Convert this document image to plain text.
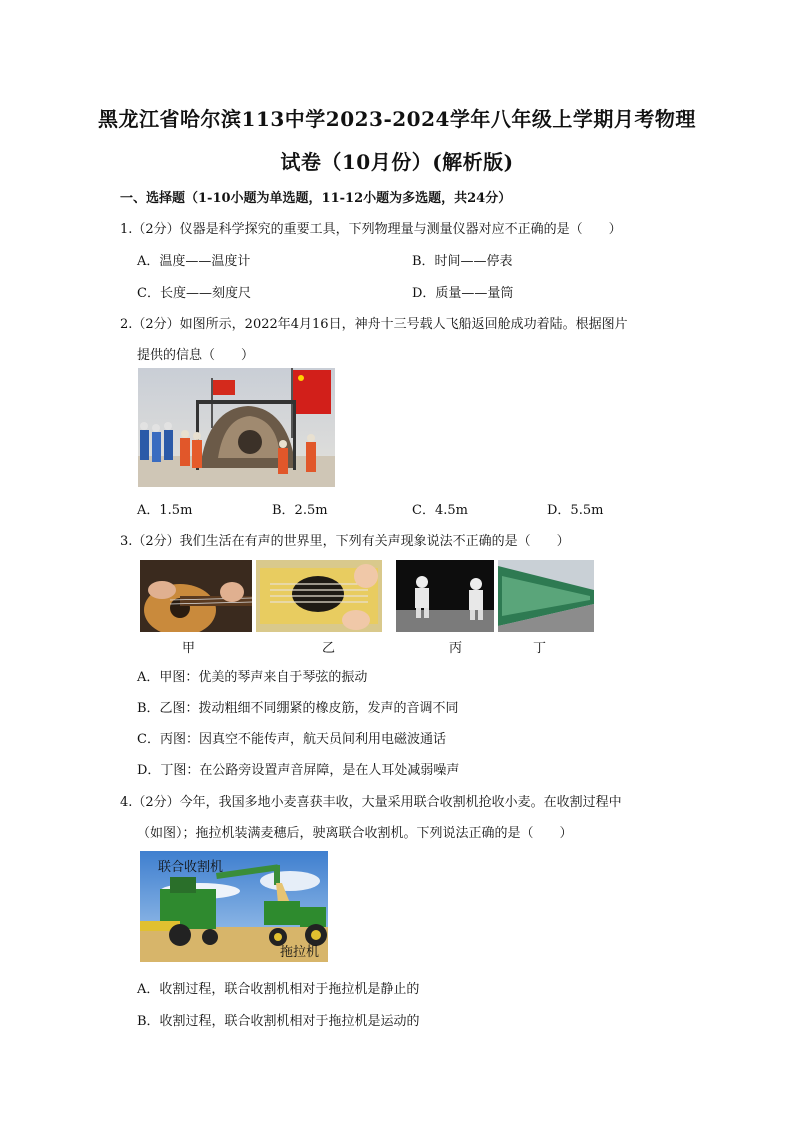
黑龙江省哈尔滨113中学2023-2024学年八年级上学期月考物理
试卷（10月份）(解析版)
一、选择题（1-10小题为单选题，11-12小题为多选题，共24分）
1.（2分）仪器是科学探究的重要工具，下列物理量与测量仪器对应不正确的是（　　）
A．温度——温度计	B．时间——停表
C．长度——刻度尺	D．质量——量筒
2.（2分）如图所示，2022年4月16日，神舟十三号载人飞船返回舱成功着陆。根据图片
提供的信息（　　）
A．1.5m	B．2.5m	C．4.5m	D．5.5m
3.（2分）我们生活在有声的世界里，下列有关声现象说法不正确的是（　　）
甲	乙	丙	丁
A．甲图：优美的琴声来自于琴弦的振动
B．乙图：拨动粗细不同绷紧的橡皮筋，发声的音调不同
C．丙图：因真空不能传声，航天员间利用电磁波通话
D．丁图：在公路旁设置声音屏障，是在人耳处减弱噪声
4.（2分）今年，我国多地小麦喜获丰收，大量采用联合收割机抢收小麦。在收割过程中
（如图）；拖拉机装满麦穗后，驶离联合收割机。下列说法正确的是（　　）
联合收割机
拖拉机
A．收割过程，联合收割机相对于拖拉机是静止的
B．收割过程，联合收割机相对于拖拉机是运动的
